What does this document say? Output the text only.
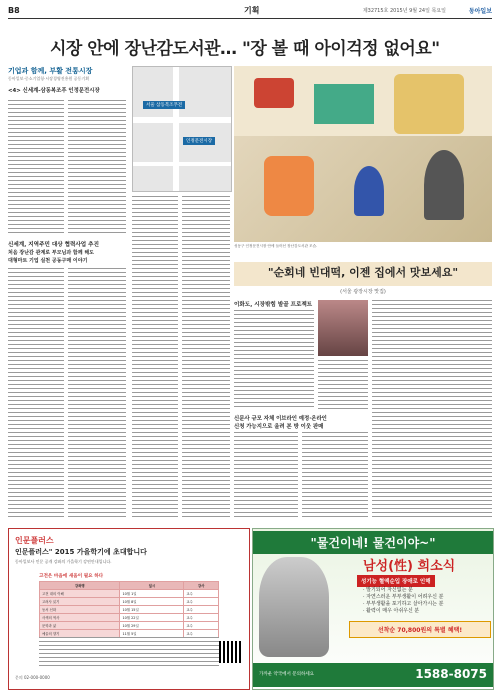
B8	기획	제32715호 2015년 9월 24일 목요일	동아일보
시장 안에 장난감도서관… "장 볼 때 아이걱정 없어요"
기업과 함께, 부활 전통시장
동아일보·중소기업청·시장경영진흥원 공동기획
<4> 신세계-삼동복조푸 인정문전시장
서울 삼동복조푸전
인정문전시장
신세계, 지역주민 대상 협력사업 추진
처음 장난감 관계로 부모님과 함께 해도
대형마트 기업 실천 공동구매 이야기
성동구 인정문전시장 안에 들어선 장난감도서관 모습.
"순회네 빈대떡, 이젠 집에서 맛보세요"
(서울 광장시장 맛집)
이화도, 시장밖힘 밭골 프로젝트
신문사 규모 자체 이브라인 예정·온라인
신청 가능지으로 올려 본 방 이웃 판매
인문플러스
인문플러스" 2015 가을학기에 초대합니다
동아일보사 인문 공개 강좌의 가을학기 강연안내입니다.
고전은 마음에 새움이 필요 하다
강좌명	일시	강사
고전 대의 이해	10월 1일	교수
고려사 읽기	10월 8일	교수
동서 신화	10월 15일	교수
사색의 역사	10월 22일	교수
문학과 삶	10월 29일	교수
예술의 향기	11월 5일	교수
문의 02-000-0000
"물건이네! 물건이야~"
남성(性) 희소식
성기능 혈액순입 장애로 인해
· 발기되어 자신없는 분
· 자연스러운 부부생활이 어려우신 분
· 부부생활을 포기하고 살아가시는 분
· 활력이 매우 아쉬우신 분
선착순 70,800원의 특별 혜택!
가까운 약국에서 문의하세요	1588-8075
